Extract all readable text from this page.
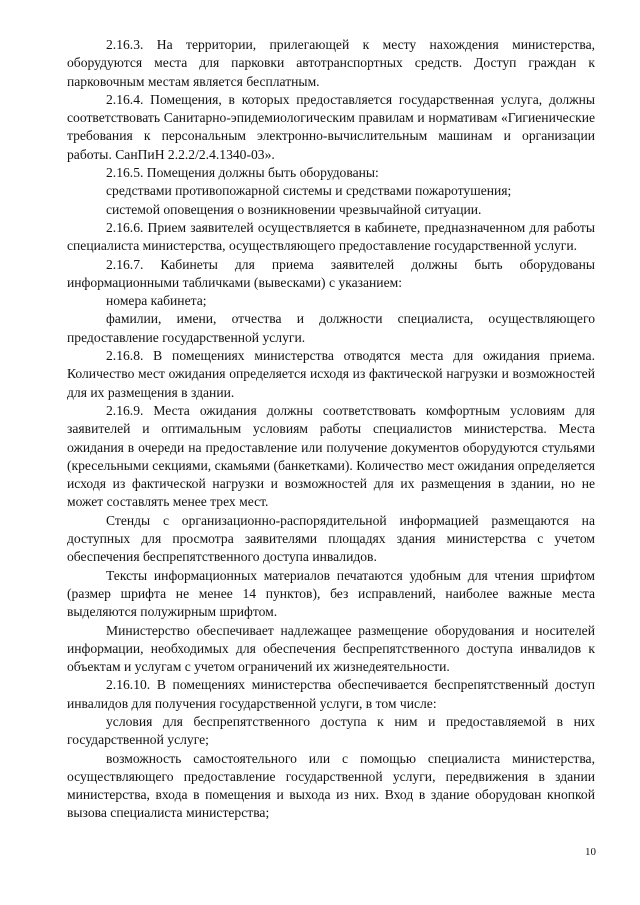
2.16.3. На территории, прилегающей к месту нахождения министерства, оборудуются места для парковки автотранспортных средств. Доступ граждан к парковочным местам является бесплатным.

2.16.4. Помещения, в которых предоставляется государственная услуга, должны соответствовать Санитарно-эпидемиологическим правилам и нормативам «Гигиенические требования к персональным электронно-вычислительным машинам и организации работы. СанПиН 2.2.2/2.4.1340-03».

2.16.5. Помещения должны быть оборудованы:

средствами противопожарной системы и средствами пожаротушения;

системой оповещения о возникновении чрезвычайной ситуации.

2.16.6. Прием заявителей осуществляется в кабинете, предназначенном для работы специалиста министерства, осуществляющего предоставление государственной услуги.

2.16.7. Кабинеты для приема заявителей должны быть оборудованы информационными табличками (вывесками) с указанием:

номера кабинета;

фамилии, имени, отчества и должности специалиста, осуществляющего предоставление государственной услуги.

2.16.8. В помещениях министерства отводятся места для ожидания приема. Количество мест ожидания определяется исходя из фактической нагрузки и возможностей для их размещения в здании.

2.16.9. Места ожидания должны соответствовать комфортным условиям для заявителей и оптимальным условиям работы специалистов министерства. Места ожидания в очереди на предоставление или получение документов оборудуются стульями (кресельными секциями, скамьями (банкетками). Количество мест ожидания определяется исходя из фактической нагрузки и возможностей для их размещения в здании, но не может составлять менее трех мест.

Стенды с организационно-распорядительной информацией размещаются на доступных для просмотра заявителями площадях здания министерства с учетом обеспечения беспрепятственного доступа инвалидов.

Тексты информационных материалов печатаются удобным для чтения шрифтом (размер шрифта не менее 14 пунктов), без исправлений, наиболее важные места выделяются полужирным шрифтом.

Министерство обеспечивает надлежащее размещение оборудования и носителей информации, необходимых для обеспечения беспрепятственного доступа инвалидов к объектам и услугам с учетом ограничений их жизнедеятельности.

2.16.10. В помещениях министерства обеспечивается беспрепятственный доступ инвалидов для получения государственной услуги, в том числе:

условия для беспрепятственного доступа к ним и предоставляемой в них государственной услуге;

возможность самостоятельного или с помощью специалиста министерства, осуществляющего предоставление государственной услуги, передвижения в здании министерства, входа в помещения и выхода из них. Вход в здание оборудован кнопкой вызова специалиста министерства;

10
